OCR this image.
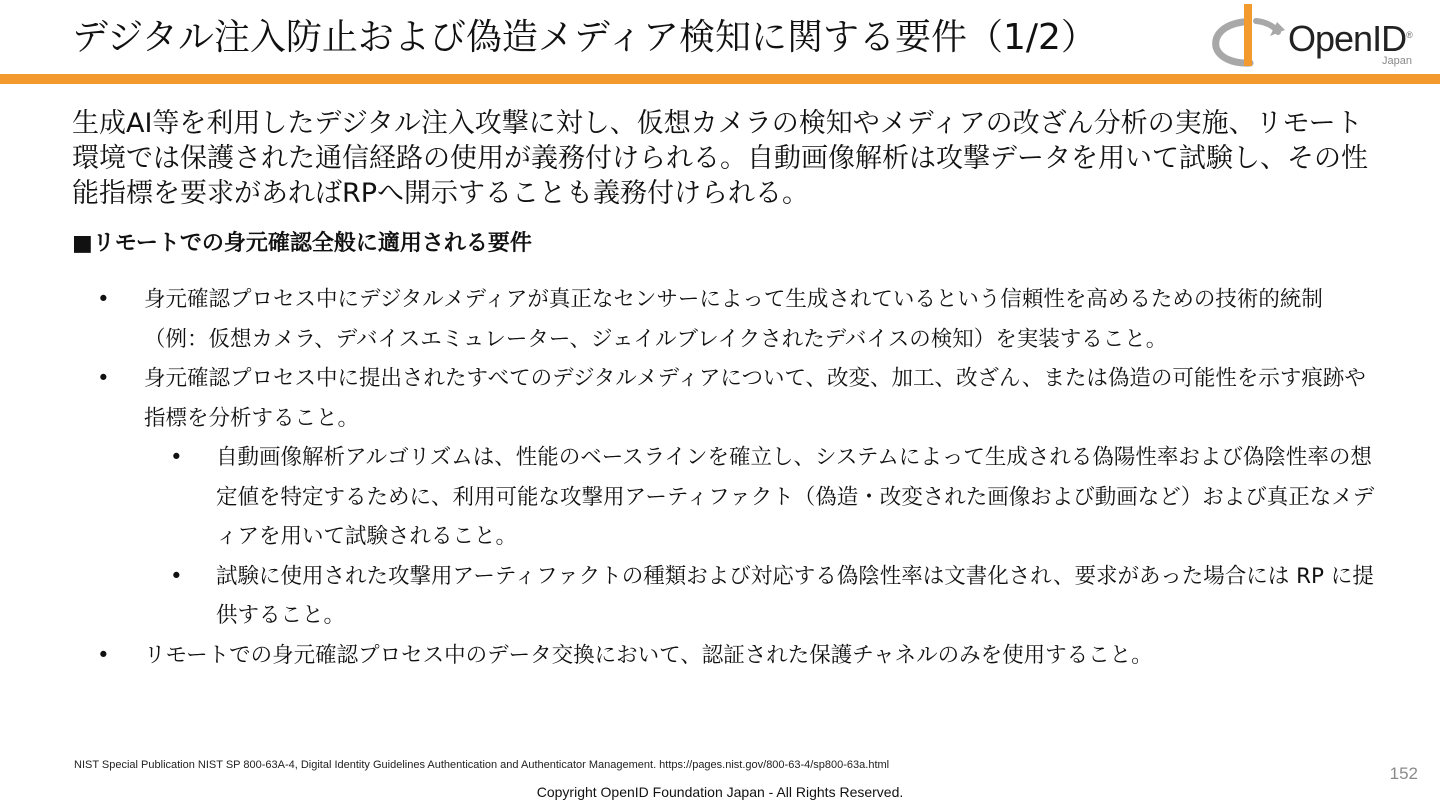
デジタル注入防止および偽造メディア検知に関する要件（1/2）	OpenID®
Japan
生成AI等を利用したデジタル注入攻撃に対し、仮想カメラの検知やメディアの改ざん分析の実施、リモート環境では保護された通信経路の使用が義務付けられる。自動画像解析は攻撃データを用いて試験し、その性能指標を要求があればRPへ開示することも義務付けられる。
■リモートでの身元確認全般に適用される要件
• 身元確認プロセス中にデジタルメディアが真正なセンサーによって生成されているという信頼性を高めるための技術的統制（例：仮想カメラ、デバイスエミュレーター、ジェイルブレイクされたデバイスの検知）を実装すること。
• 身元確認プロセス中に提出されたすべてのデジタルメディアについて、改変、加工、改ざん、または偽造の可能性を示す痕跡や指標を分析すること。
• 自動画像解析アルゴリズムは、性能のベースラインを確立し、システムによって生成される偽陽性率および偽陰性率の想定値を特定するために、利用可能な攻撃用アーティファクト（偽造・改変された画像および動画など）および真正なメディアを用いて試験されること。
• 試験に使用された攻撃用アーティファクトの種類および対応する偽陰性率は文書化され、要求があった場合には RP に提供すること。
• リモートでの身元確認プロセス中のデータ交換において、認証された保護チャネルのみを使用すること。
NIST Special Publication NIST SP 800-63A-4, Digital Identity Guidelines Authentication and Authenticator Management. https://pages.nist.gov/800-63-4/sp800-63a.html	152
Copyright OpenID Foundation Japan - All Rights Reserved.
